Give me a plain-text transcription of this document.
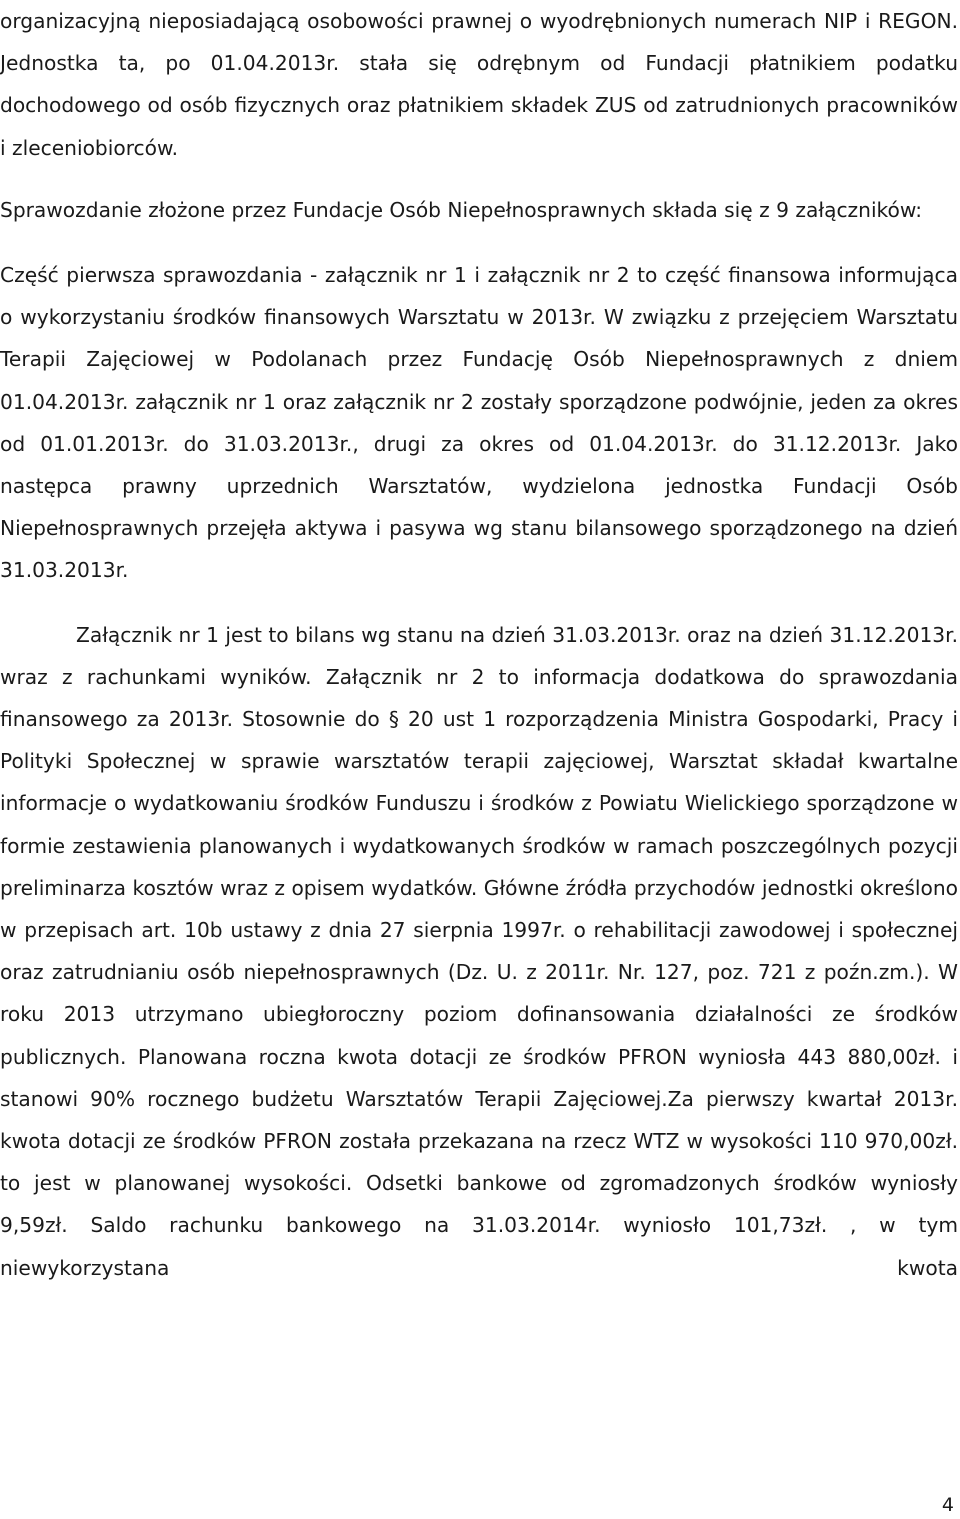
organizacyjną nieposiadającą osobowości prawnej o wyodrębnionych numerach NIP i REGON. Jednostka ta, po 01.04.2013r. stała się odrębnym od Fundacji płatnikiem podatku dochodowego od osób fizycznych oraz płatnikiem składek ZUS od zatrudnionych pracowników i zleceniobiorców.

Sprawozdanie złożone przez Fundacje Osób Niepełnosprawnych składa się z 9 załączników:

Część pierwsza sprawozdania - załącznik nr 1 i załącznik nr 2 to część finansowa informująca o wykorzystaniu środków finansowych Warsztatu w 2013r. W związku z przejęciem Warsztatu Terapii Zajęciowej w Podolanach przez Fundację Osób Niepełnosprawnych z dniem 01.04.2013r. załącznik nr 1 oraz załącznik nr 2 zostały sporządzone podwójnie, jeden za okres od 01.01.2013r. do 31.03.2013r., drugi za okres od 01.04.2013r. do 31.12.2013r. Jako następca prawny uprzednich Warsztatów, wydzielona jednostka Fundacji Osób Niepełnosprawnych przejęła aktywa i pasywa wg stanu bilansowego sporządzonego na dzień 31.03.2013r.

Załącznik nr 1 jest to bilans wg stanu na dzień 31.03.2013r. oraz na dzień 31.12.2013r. wraz z rachunkami wyników. Załącznik nr 2 to informacja dodatkowa do sprawozdania finansowego za 2013r. Stosownie do § 20 ust 1 rozporządzenia Ministra Gospodarki, Pracy i Polityki Społecznej w sprawie warsztatów terapii zajęciowej, Warsztat składał kwartalne informacje o wydatkowaniu środków Funduszu i środków z Powiatu Wielickiego sporządzone w formie zestawienia planowanych i wydatkowanych środków w ramach poszczególnych pozycji preliminarza kosztów wraz z opisem wydatków. Główne źródła przychodów jednostki określono w przepisach art. 10b ustawy z dnia 27 sierpnia 1997r. o rehabilitacji zawodowej i społecznej oraz zatrudnianiu osób niepełnosprawnych (Dz. U. z 2011r. Nr. 127, poz. 721 z poźn.zm.). W roku 2013 utrzymano ubiegłoroczny poziom dofinansowania działalności ze środków publicznych. Planowana roczna kwota dotacji ze środków PFRON wyniosła 443 880,00zł. i stanowi 90% rocznego budżetu Warsztatów Terapii Zajęciowej.Za pierwszy kwartał 2013r. kwota dotacji ze środków PFRON została przekazana na rzecz WTZ w wysokości 110 970,00zł. to jest w planowanej wysokości. Odsetki bankowe od zgromadzonych środków wyniosły 9,59zł. Saldo rachunku bankowego na 31.03.2014r. wyniosło 101,73zł. , w tym niewykorzystana kwota

4
